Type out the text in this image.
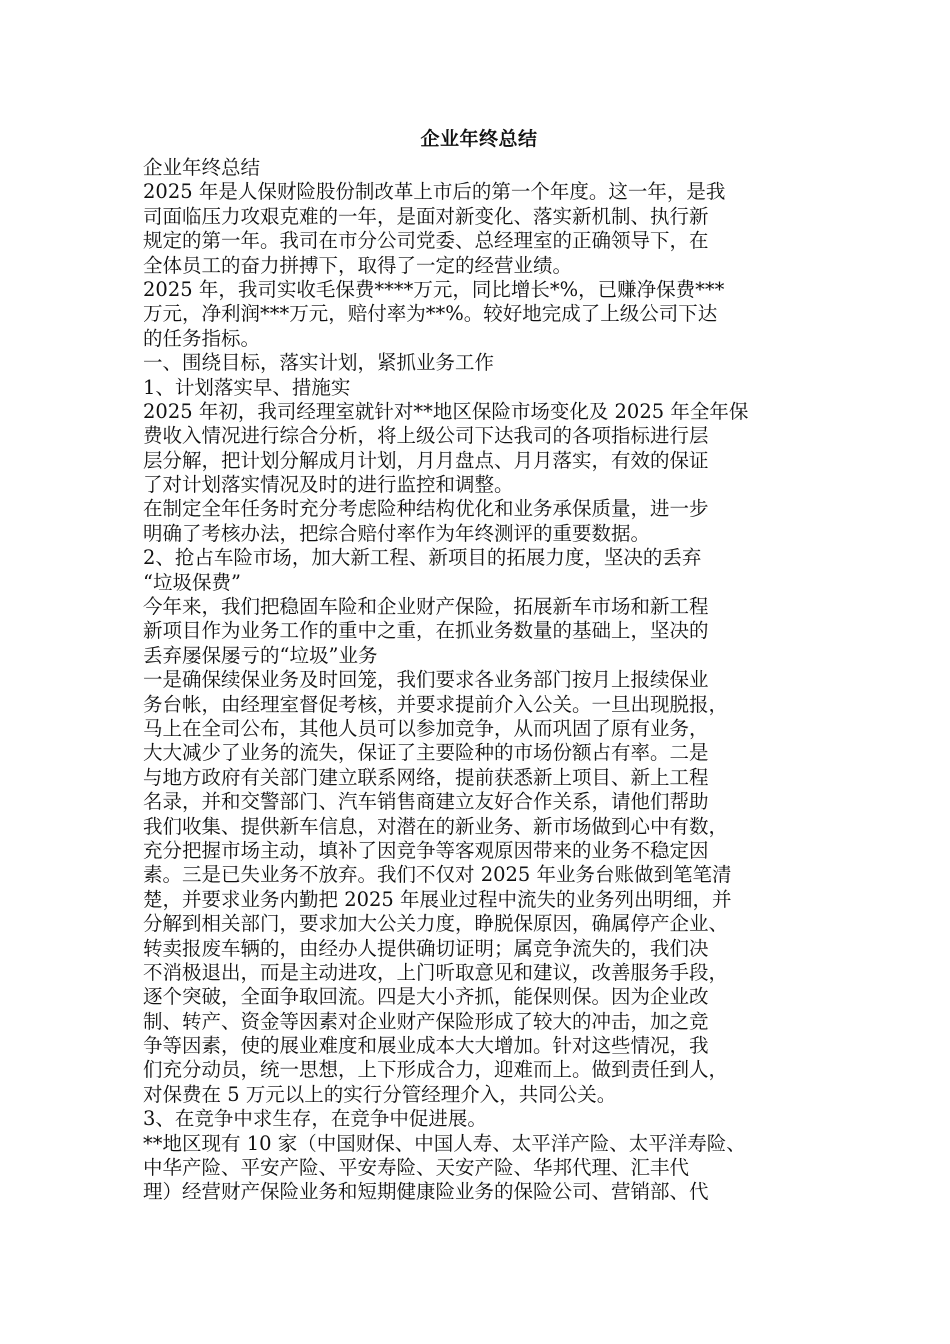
企业年终总结

企业年终总结

2025 年是人保财险股份制改革上市后的第一个年度。这一年，是我

司面临压力攻艰克难的一年，是面对新变化、落实新机制、执行新

规定的第一年。我司在市分公司党委、总经理室的正确领导下，在

全体员工的奋力拼搏下，取得了一定的经营业绩。

2025 年，我司实收毛保费****万元，同比增长*%，已赚净保费***

万元，净利润***万元，赔付率为**%。较好地完成了上级公司下达

的任务指标。

一、围绕目标，落实计划，紧抓业务工作

1、计划落实早、措施实

2025 年初，我司经理室就针对**地区保险市场变化及 2025 年全年保

费收入情况进行综合分析，将上级公司下达我司的各项指标进行层

层分解，把计划分解成月计划，月月盘点、月月落实，有效的保证

了对计划落实情况及时的进行监控和调整。

在制定全年任务时充分考虑险种结构优化和业务承保质量，进一步

明确了考核办法，把综合赔付率作为年终测评的重要数据。

2、抢占车险市场，加大新工程、新项目的拓展力度，坚决的丢弃

“垃圾保费”

今年来，我们把稳固车险和企业财产保险，拓展新车市场和新工程

新项目作为业务工作的重中之重，在抓业务数量的基础上，坚决的

丢弃屡保屡亏的“垃圾”业务

一是确保续保业务及时回笼，我们要求各业务部门按月上报续保业

务台帐，由经理室督促考核，并要求提前介入公关。一旦出现脱报，

马上在全司公布，其他人员可以参加竞争，从而巩固了原有业务，

大大减少了业务的流失，保证了主要险种的市场份额占有率。二是

与地方政府有关部门建立联系网络，提前获悉新上项目、新上工程

名录，并和交警部门、汽车销售商建立友好合作关系，请他们帮助

我们收集、提供新车信息，对潜在的新业务、新市场做到心中有数，

充分把握市场主动，填补了因竞争等客观原因带来的业务不稳定因

素。三是已失业务不放弃。我们不仅对 2025 年业务台账做到笔笔清

楚，并要求业务内勤把 2025 年展业过程中流失的业务列出明细，并

分解到相关部门，要求加大公关力度，睁脱保原因，确属停产企业、

转卖报废车辆的，由经办人提供确切证明；属竞争流失的，我们决

不消极退出，而是主动进攻，上门听取意见和建议，改善服务手段，

逐个突破，全面争取回流。四是大小齐抓，能保则保。因为企业改

制、转产、资金等因素对企业财产保险形成了较大的冲击，加之竞

争等因素，使的展业难度和展业成本大大增加。针对这些情况，我

们充分动员，统一思想，上下形成合力，迎难而上。做到责任到人，

对保费在 5 万元以上的实行分管经理介入，共同公关。

3、在竞争中求生存，在竞争中促进展。

**地区现有 10 家（中国财保、中国人寿、太平洋产险、太平洋寿险、

中华产险、平安产险、平安寿险、天安产险、华邦代理、汇丰代

理）经营财产保险业务和短期健康险业务的保险公司、营销部、代
